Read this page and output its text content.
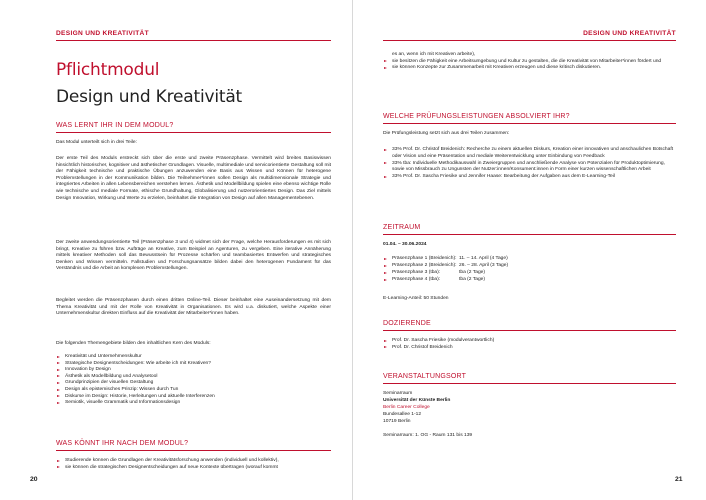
DESIGN UND KREATIVITÄT
Pflichtmodul
Design und Kreativität
WAS LERNT IHR IN DEM MODUL?
Das Modul unterteilt sich in drei Teile:
Der erste Teil des Moduls erstreckt sich über die erste und zweite Präsenzphase. Vermittelt wird breites Basiswissen hinsichtlich historischer, kognitiver und ästhetischer Grundlagen. Visuelle, multimediale und servicorientierte Gestaltung soll mit der Fähigkeit technische und praktische Übungen anzuwenden eine Basis aus Wissen und Können für heterogene Problemstellungen in der Kommunikation bilden. Die Teilnehmer*innen sollen Design als multidimensionale Strategie und integriertes Arbeiten in allen Lebensbereichen verstehen lernen. Ästhetik und Modellbildung spielen eine ebenso wichtige Rolle wie technische und mediale Formate, ethische Grundhaltung, Globalisierung und nutzerorientiertes Design. Das Ziel mittels Design Innovation, Wirkung und Werte zu erzielen, beinhaltet die Integration von Design auf allen Managementebenen.
Der zweite anwendungsorientierte Teil (Präsenzphase 3 und 4) widmet sich der Frage, welche Herausforderungen es mit sich bringt, Kreative zu führen bzw. Aufträge an Kreative, zum Beispiel an Agenturen, zu vergeben. Eine iterative Annäherung mittels kreativer Methoden soll das Bewusstsein für Prozesse schärfen und teambasiertes Entwerfen und strategisches Denken und Wissen vermitteln. Fallstudien und Forschungsansätze bilden dabei den heterogenen Fundament für das Verständnis und die Arbeit an komplexen Problemstellungen.
Begleitet werden die Präsenzphasen durch einen dritten Online-Teil. Dieser beinhaltet eine Auseinandersetzung mit dem Thema Kreativität und mit der Rolle von Kreativität in Organisationen. Es wird u.a. diskutiert, welche Aspekte einer Unternehmenskultur direkten Einfluss auf die Kreativität der Mitarbeiter*innen haben.
Die folgenden Themengebiete bilden den inhaltlichen Kern des Moduls:
Kreativität und Unternehmenskultur
Strategische Designentscheidungen: Wie arbeite ich mit Kreativen?
Innovation by Design
Ästhetik als Modellbildung und Analysetool
Grundprinzipien der visuellen Gestaltung
Design als epistemisches Prinzip: Wissen durch Tun
Diskurse im Design: Historie, Herleitungen und aktuelle Interferenzen
Semiotik, visuelle Grammatik und Informationsdesign
WAS KÖNNT IHR NACH DEM MODUL?
Studierende können die Grundlagen der Kreativitätsforschung anwenden (individuell und kollektiv),
sie können die strategischen Designentscheidungen auf neue Kontexte übertragen (worauf kommt
20
DESIGN UND KREATIVITÄT
es an, wenn ich mit Kreativen arbeite),
sie besitzen die Fähigkeit eine Arbeitsumgebung und Kultur zu gestalten, die die Kreativität von Mitarbeiter*innen fördert und
sie können Konzepte zur Zusammenarbeit mit Kreativen erzeugen und diese kritisch diskutieren.
WELCHE PRÜFUNGSLEISTUNGEN ABSOLVIERT IHR?
Die Prüfungsleistung setzt sich aus drei Teilen zusammen:
33% Prof. Dr. Christof Breidenich: Recherche zu einem aktuellen Diskurs, Kreation einer innovativen und anschaulichen Botschaft oder Vision und eine Präsentation und mediale Weiterentwicklung unter Einbindung von Feedback
33% tba: Individuelle Methodikauswahl in Zweiergruppen und anschließende Analyse von Potenzialen für Produktoptimierung, sowie von Missbrauch zu Ungunsten der Nutzer:innen/Konsument:innen in Form einer kurzen wissenschaftlichen Arbeit
33% Prof. Dr. Sascha Friesike und Jennifer Haase: Bearbeitung der Aufgaben aus dem E-Learning-Teil
ZEITRAUM
01.04. – 30.06.2024
Präsenzphase 1 (Breidenich): 11. – 14. April (4 Tage)
Präsenzphase 2 (Breidenich): 26. – 28. April (3 Tage)
Präsenzphase 3 (tba):	tba (2 Tage)
Präsenzphase 4 (tba):	tba (2 Tage)
E-Learning-Anteil: 50 Stunden
DOZIERENDE
Prof. Dr. Sascha Friesike (modulverantwortlich)
Prof. Dr. Christof Breidenich
VERANSTALTUNGSORT
Seminarraum
Universität der Künste Berlin
Berlin Career College
Bundesallee 1-12
10719 Berlin
Seminarraum: 1. OG - Raum 131 bis 139
21
